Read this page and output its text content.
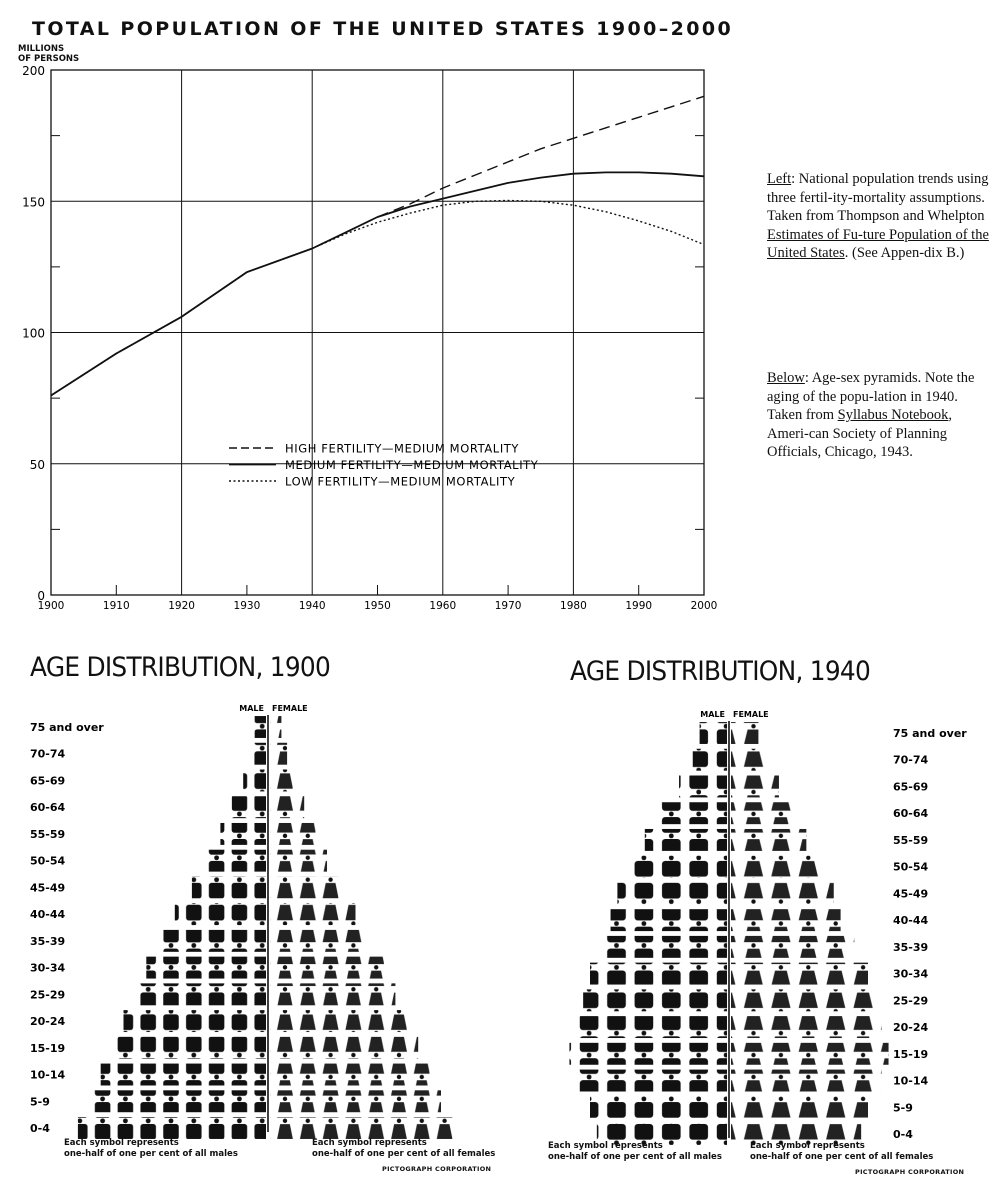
TOTAL POPULATION OF THE UNITED STATES 1900–2000
MILLIONS
OF PERSONS
1900	1910	1920	1930	1940	1950	1960	1970	1980	1990	2000
0
50
100
150
200
HIGH FERTILITY—MEDIUM MORTALITY
MEDIUM FERTILITY—MEDIUM MORTALITY
LOW FERTILITY—MEDIUM MORTALITY
Left: National population trends using three fertil-ity-mortality assumptions. Taken from Thompson and Whelpton Estimates of Fu-ture Population of the United States. (See Appen-dix B.)
Below: Age-sex pyramids. Note the aging of the popu-lation in 1940. Taken from Syllabus Notebook, Ameri-can Society of Planning Officials, Chicago, 1943.
AGE DISTRIBUTION, 1900	AGE DISTRIBUTION, 1940
MALE FEMALE
75 and over
70-74
65-69
60-64
55-59
50-54
45-49
40-44
35-39
30-34
25-29
20-24
15-19
10-14
5-9
0-4
MALE FEMALE
75 and over
70-74
65-69
60-64
55-59
50-54
45-49
40-44
35-39
30-34
25-29
20-24
15-19
10-14
5-9
0-4
Each symbol represents
one-half of one per cent of all males
Each symbol represents
one-half of one per cent of all females
PICTOGRAPH CORPORATION
Each symbol represents
one-half of one per cent of all males
Each symbol represents
one-half of one per cent of all females
PICTOGRAPH CORPORATION
